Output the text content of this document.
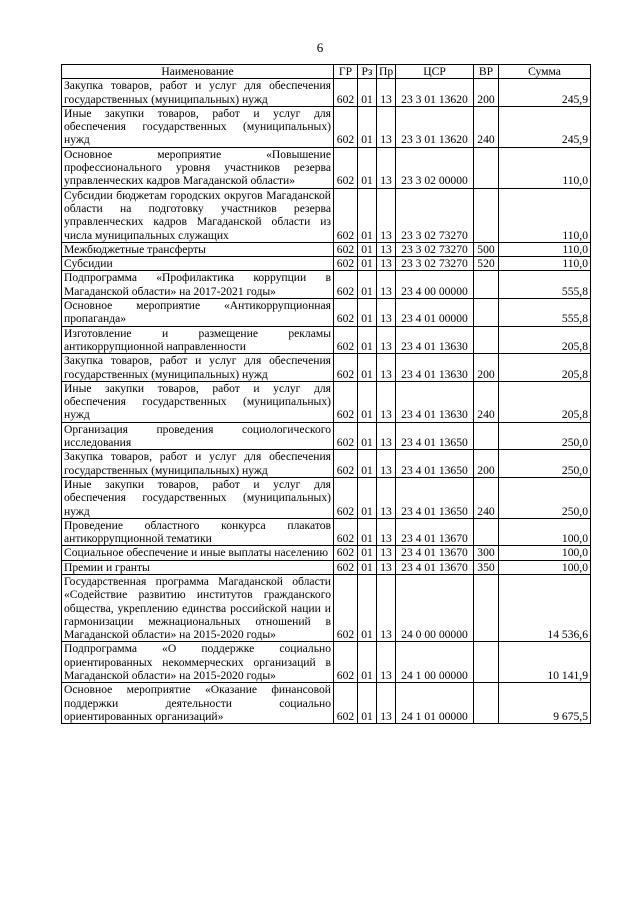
6
Наименование	ГР	Рз	Пр	ЦСР	ВР	Сумма
Закупка товаров, работ и услуг для обеспечения государственных (муниципальных) нужд	602	01	13	23 3 01 13620	200	245,9
Иные закупки товаров, работ и услуг для обеспечения государственных (муниципальных) нужд	602	01	13	23 3 01 13620	240	245,9
Основное мероприятие «Повышение профессионального уровня участников резерва управленческих кадров Магаданской области»	602	01	13	23 3 02 00000		110,0
Субсидии бюджетам городских округов Магаданской области на подготовку участников резерва управленческих кадров Магаданской области из числа муниципальных служащих	602	01	13	23 3 02 73270		110,0
Межбюджетные трансферты	602	01	13	23 3 02 73270	500	110,0
Субсидии	602	01	13	23 3 02 73270	520	110,0
Подпрограмма «Профилактика коррупции в Магаданской области» на 2017-2021 годы»	602	01	13	23 4 00 00000		555,8
Основное мероприятие «Антикоррупционная пропаганда»	602	01	13	23 4 01 00000		555,8
Изготовление и размещение рекламы антикоррупционной направленности	602	01	13	23 4 01 13630		205,8
Закупка товаров, работ и услуг для обеспечения государственных (муниципальных) нужд	602	01	13	23 4 01 13630	200	205,8
Иные закупки товаров, работ и услуг для обеспечения государственных (муниципальных) нужд	602	01	13	23 4 01 13630	240	205,8
Организация проведения социологического исследования	602	01	13	23 4 01 13650		250,0
Закупка товаров, работ и услуг для обеспечения государственных (муниципальных) нужд	602	01	13	23 4 01 13650	200	250,0
Иные закупки товаров, работ и услуг для обеспечения государственных (муниципальных) нужд	602	01	13	23 4 01 13650	240	250,0
Проведение областного конкурса плакатов антикоррупционной тематики	602	01	13	23 4 01 13670		100,0
Социальное обеспечение и иные выплаты населению	602	01	13	23 4 01 13670	300	100,0
Премии и гранты	602	01	13	23 4 01 13670	350	100,0
Государственная программа Магаданской области «Содействие развитию институтов гражданского общества, укреплению единства российской нации и гармонизации межнациональных отношений в Магаданской области» на 2015-2020 годы»	602	01	13	24 0 00 00000		14 536,6
Подпрограмма «О поддержке социально ориентированных некоммерческих организаций в Магаданской области» на 2015-2020 годы»	602	01	13	24 1 00 00000		10 141,9
Основное мероприятие «Оказание финансовой поддержки деятельности социально ориентированных организаций»	602	01	13	24 1 01 00000		9 675,5
